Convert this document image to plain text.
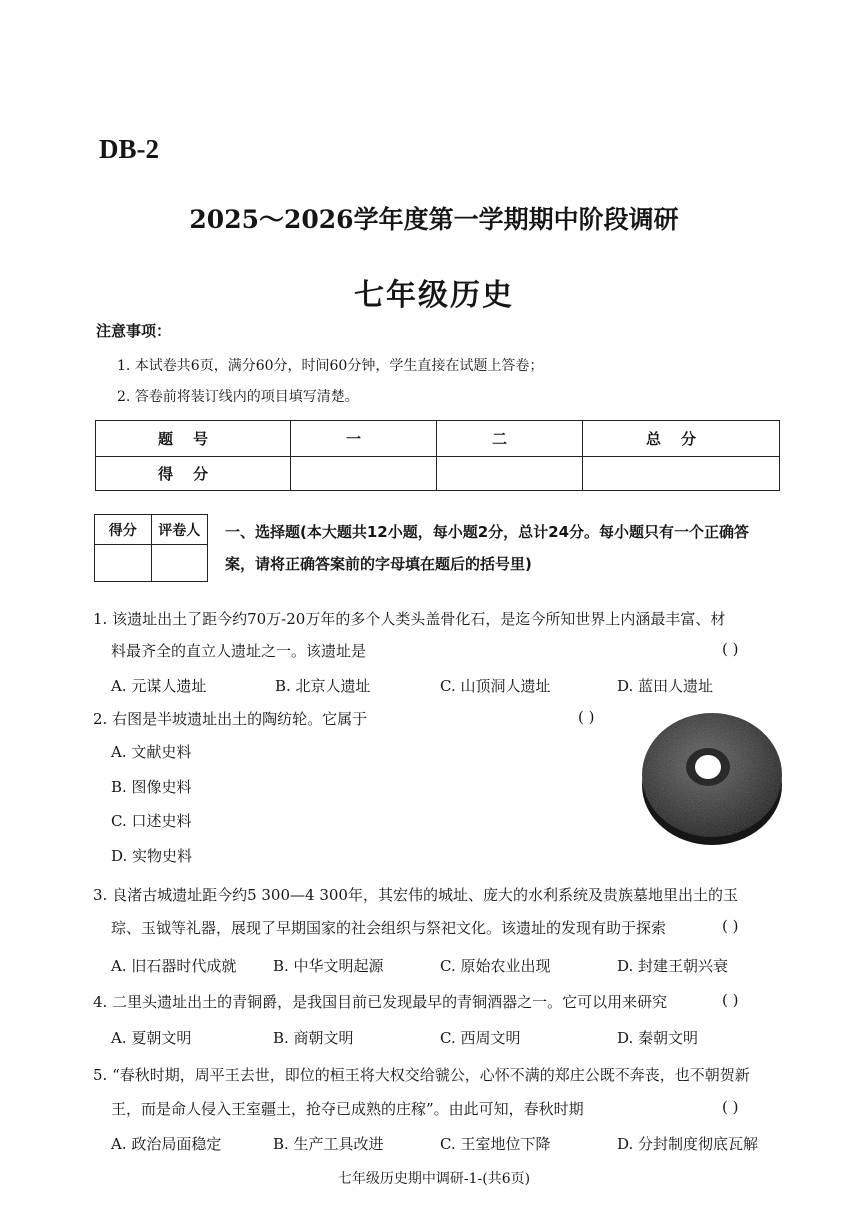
DB-2
2025～2026学年度第一学期期中阶段调研
七年级历史
注意事项：
1. 本试卷共6页，满分60分，时间60分钟，学生直接在试题上答卷；
2. 答卷前将装订线内的项目填写清楚。
题号	一	二	总分
得分			
得分	评卷人
	一、选择题(本大题共12小题，每小题2分，总计24分。每小题只有一个正确答
案，请将正确答案前的字母填在题后的括号里)
1. 该遗址出土了距今约70万-20万年的多个人类头盖骨化石，是迄今所知世界上内涵最丰富、材
料最齐全的直立人遗址之一。该遗址是	( )
A. 元谋人遗址	B. 北京人遗址	C. 山顶洞人遗址	D. 蓝田人遗址
2. 右图是半坡遗址出土的陶纺轮。它属于	( )
A. 文献史料
B. 图像史料
C. 口述史料
D. 实物史料
3. 良渚古城遗址距今约5 300—4 300年，其宏伟的城址、庞大的水利系统及贵族墓地里出土的玉
琮、玉钺等礼器，展现了早期国家的社会组织与祭祀文化。该遗址的发现有助于探索	( )
A. 旧石器时代成就 B. 中华文明起源	C. 原始农业出现	D. 封建王朝兴衰
4. 二里头遗址出土的青铜爵，是我国目前已发现最早的青铜酒器之一。它可以用来研究	( )
A. 夏朝文明	B. 商朝文明	C. 西周文明	D. 秦朝文明
5. “春秋时期，周平王去世，即位的桓王将大权交给虢公，心怀不满的郑庄公既不奔丧，也不朝贺新
王，而是命人侵入王室疆土，抢夺已成熟的庄稼”。由此可知，春秋时期	( )
A. 政治局面稳定	B. 生产工具改进	C. 王室地位下降	D. 分封制度彻底瓦解
七年级历史期中调研-1-(共6页)
